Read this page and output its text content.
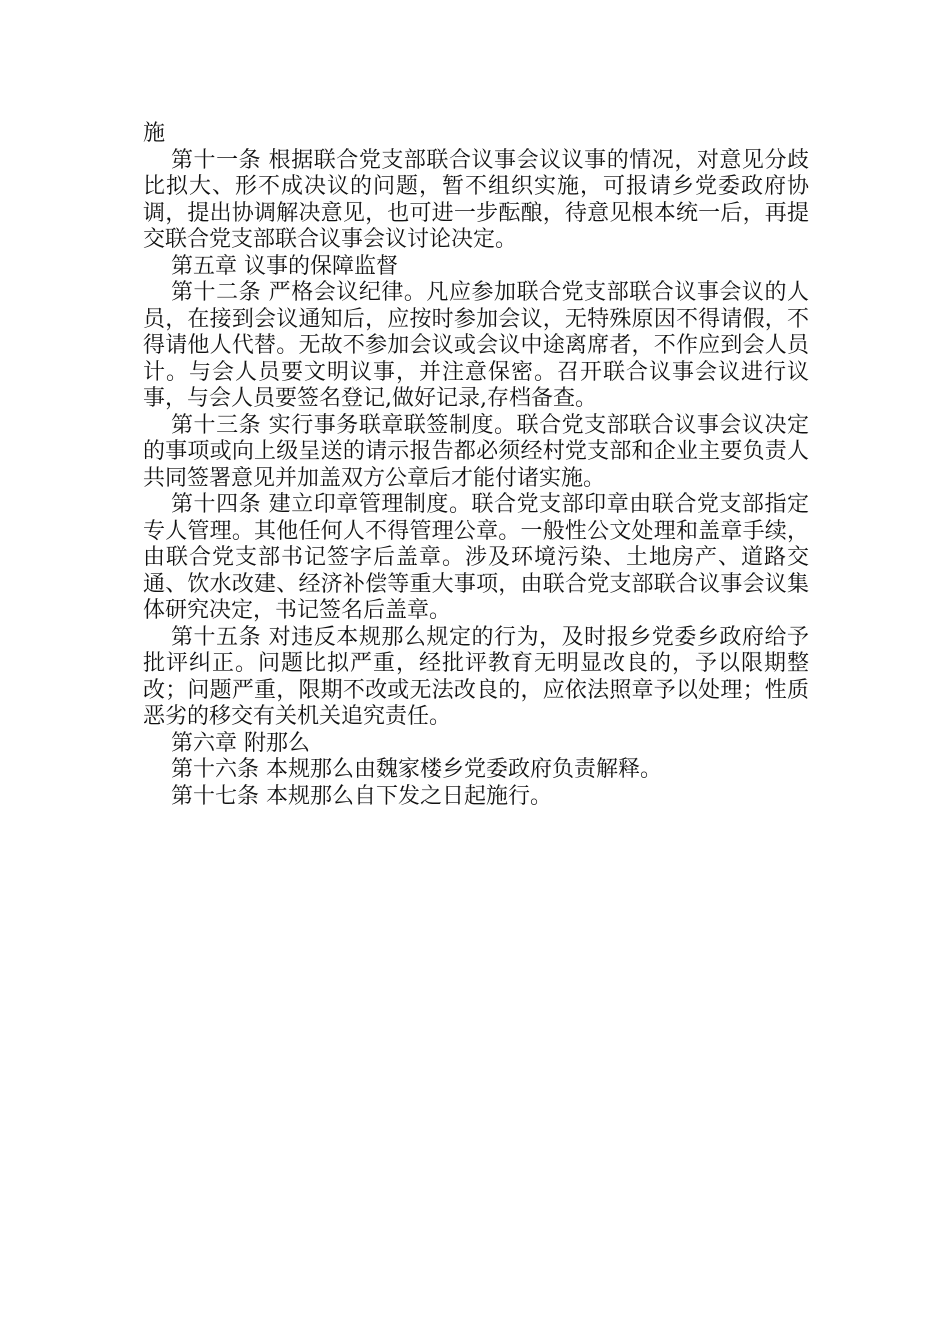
施

第十一条 根据联合党支部联合议事会议议事的情况，对意见分歧比拟大、形不成决议的问题，暂不组织实施，可报请乡党委政府协调，提出协调解决意见，也可进一步酝酿，待意见根本统一后，再提交联合党支部联合议事会议讨论决定。

第五章 议事的保障监督

第十二条 严格会议纪律。凡应参加联合党支部联合议事会议的人员，在接到会议通知后，应按时参加会议，无特殊原因不得请假，不得请他人代替。无故不参加会议或会议中途离席者，不作应到会人员计。与会人员要文明议事，并注意保密。召开联合议事会议进行议事，与会人员要签名登记,做好记录,存档备查。

第十三条 实行事务联章联签制度。联合党支部联合议事会议决定的事项或向上级呈送的请示报告都必须经村党支部和企业主要负责人共同签署意见并加盖双方公章后才能付诸实施。

第十四条 建立印章管理制度。联合党支部印章由联合党支部指定专人管理。其他任何人不得管理公章。一般性公文处理和盖章手续，由联合党支部书记签字后盖章。涉及环境污染、土地房产、道路交通、饮水改建、经济补偿等重大事项，由联合党支部联合议事会议集体研究决定，书记签名后盖章。

第十五条 对违反本规那么规定的行为，及时报乡党委乡政府给予批评纠正。问题比拟严重，经批评教育无明显改良的，予以限期整改；问题严重，限期不改或无法改良的，应依法照章予以处理；性质恶劣的移交有关机关追究责任。

第六章 附那么

第十六条 本规那么由魏家楼乡党委政府负责解释。

第十七条 本规那么自下发之日起施行。
